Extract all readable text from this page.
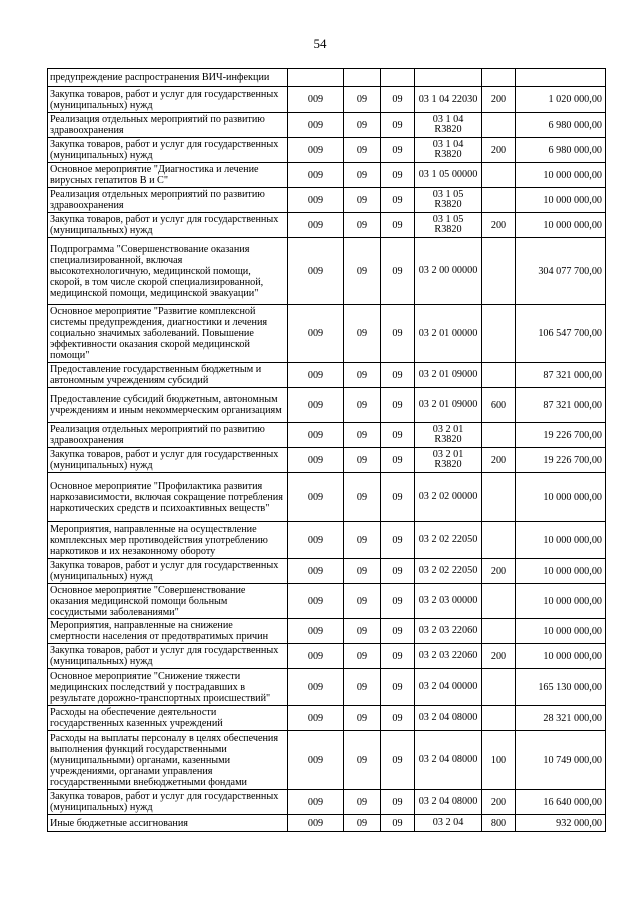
54
предупреждение распространения ВИЧ-инфекции						
Закупка товаров, работ и услуг для государственных (муниципальных) нужд	009	09	09	03 1 04 22030	200	1 020 000,00
Реализация отдельных мероприятий по развитию здравоохранения	009	09	09	03 1 04 R3820		6 980 000,00
Закупка товаров, работ и услуг для государственных (муниципальных) нужд	009	09	09	03 1 04 R3820	200	6 980 000,00
Основное мероприятие "Диагностика и лечение вирусных гепатитов В и С"	009	09	09	03 1 05 00000		10 000 000,00
Реализация отдельных мероприятий по развитию здравоохранения	009	09	09	03 1 05 R3820		10 000 000,00
Закупка товаров, работ и услуг для государственных (муниципальных) нужд	009	09	09	03 1 05 R3820	200	10 000 000,00
Подпрограмма "Совершенствование оказания специализированной, включая высокотехнологичную, медицинской помощи, скорой, в том числе скорой специализированной, медицинской помощи, медицинской эвакуации"	009	09	09	03 2 00 00000		304 077 700,00
Основное мероприятие "Развитие комплексной системы предупреждения, диагностики и лечения социально значимых заболеваний. Повышение эффективности оказания скорой медицинской помощи"	009	09	09	03 2 01 00000		106 547 700,00
Предоставление государственным бюджетным и автономным учреждениям субсидий	009	09	09	03 2 01 09000		87 321 000,00
Предоставление субсидий бюджетным, автономным учреждениям и иным некоммерческим организациям	009	09	09	03 2 01 09000	600	87 321 000,00
Реализация отдельных мероприятий по развитию здравоохранения	009	09	09	03 2 01 R3820		19 226 700,00
Закупка товаров, работ и услуг для государственных (муниципальных) нужд	009	09	09	03 2 01 R3820	200	19 226 700,00
Основное мероприятие "Профилактика развития наркозависимости, включая сокращение потребления наркотических средств и психоактивных веществ"	009	09	09	03 2 02 00000		10 000 000,00
Мероприятия, направленные на осуществление комплексных мер противодействия употреблению наркотиков и их незаконному обороту	009	09	09	03 2 02 22050		10 000 000,00
Закупка товаров, работ и услуг для государственных (муниципальных) нужд	009	09	09	03 2 02 22050	200	10 000 000,00
Основное мероприятие "Совершенствование оказания медицинской помощи больным сосудистыми заболеваниями"	009	09	09	03 2 03 00000		10 000 000,00
Мероприятия, направленные на снижение смертности населения от предотвратимых причин	009	09	09	03 2 03 22060		10 000 000,00
Закупка товаров, работ и услуг для государственных (муниципальных) нужд	009	09	09	03 2 03 22060	200	10 000 000,00
Основное мероприятие "Снижение тяжести медицинских последствий у пострадавших в результате дорожно-транспортных происшествий"	009	09	09	03 2 04 00000		165 130 000,00
Расходы на обеспечение деятельности государственных казенных учреждений	009	09	09	03 2 04 08000		28 321 000,00
Расходы на выплаты персоналу в целях обеспечения выполнения функций государственными (муниципальными) органами, казенными учреждениями, органами управления государственными внебюджетными фондами	009	09	09	03 2 04 08000	100	10 749 000,00
Закупка товаров, работ и услуг для государственных (муниципальных) нужд	009	09	09	03 2 04 08000	200	16 640 000,00
Иные бюджетные ассигнования	009	09	09	03 2 04	800	932 000,00
